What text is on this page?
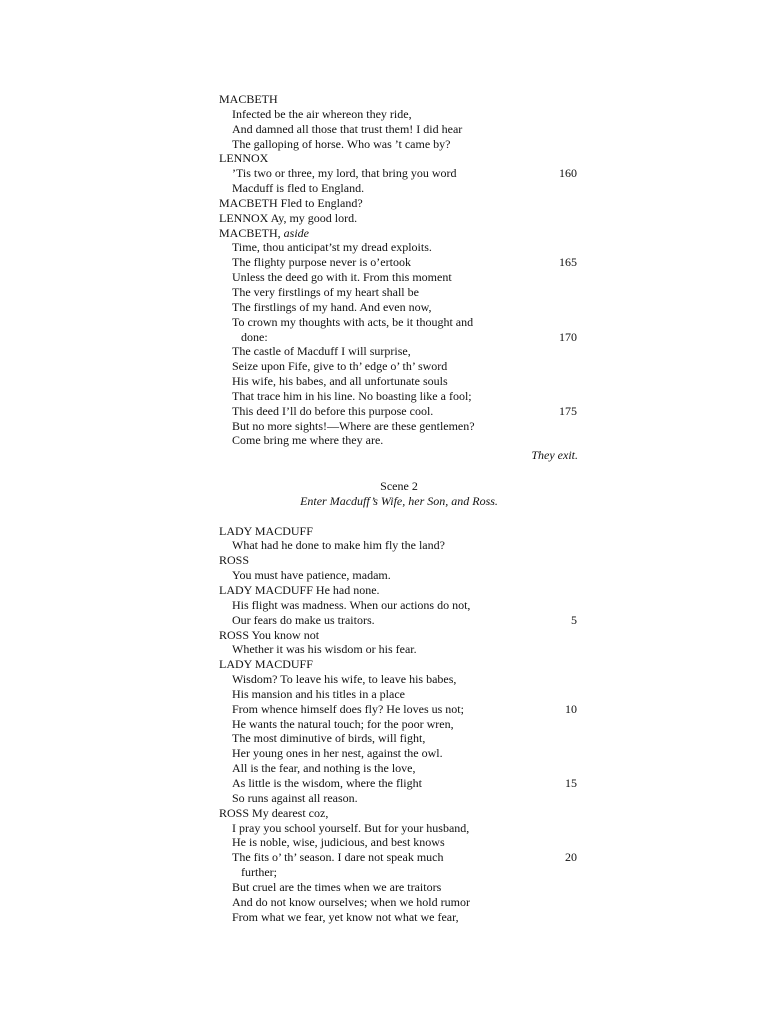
MACBETH
Infected be the air whereon they ride,
And damned all those that trust them! I did hear
The galloping of horse. Who was ’t came by?
LENNOX
’Tis two or three, my lord, that bring you word	160
Macduff is fled to England.
MACBETH Fled to England?
LENNOX Ay, my good lord.
MACBETH, aside
Time, thou anticipat’st my dread exploits.
The flighty purpose never is o’ertook	165
Unless the deed go with it. From this moment
The very firstlings of my heart shall be
The firstlings of my hand. And even now,
To crown my thoughts with acts, be it thought and
done:	170
The castle of Macduff I will surprise,
Seize upon Fife, give to th’ edge o’ th’ sword
His wife, his babes, and all unfortunate souls
That trace him in his line. No boasting like a fool;
This deed I’ll do before this purpose cool.	175
But no more sights!—Where are these gentlemen?
Come bring me where they are.
They exit.
Scene 2
Enter Macduff’s Wife, her Son, and Ross.
LADY MACDUFF
What had he done to make him fly the land?
ROSS
You must have patience, madam.
LADY MACDUFF He had none.
His flight was madness. When our actions do not,
Our fears do make us traitors.	5
ROSS You know not
Whether it was his wisdom or his fear.
LADY MACDUFF
Wisdom? To leave his wife, to leave his babes,
His mansion and his titles in a place
From whence himself does fly? He loves us not;	10
He wants the natural touch; for the poor wren,
The most diminutive of birds, will fight,
Her young ones in her nest, against the owl.
All is the fear, and nothing is the love,
As little is the wisdom, where the flight	15
So runs against all reason.
ROSS My dearest coz,
I pray you school yourself. But for your husband,
He is noble, wise, judicious, and best knows
The fits o’ th’ season. I dare not speak much	20
further;
But cruel are the times when we are traitors
And do not know ourselves; when we hold rumor
From what we fear, yet know not what we fear,
